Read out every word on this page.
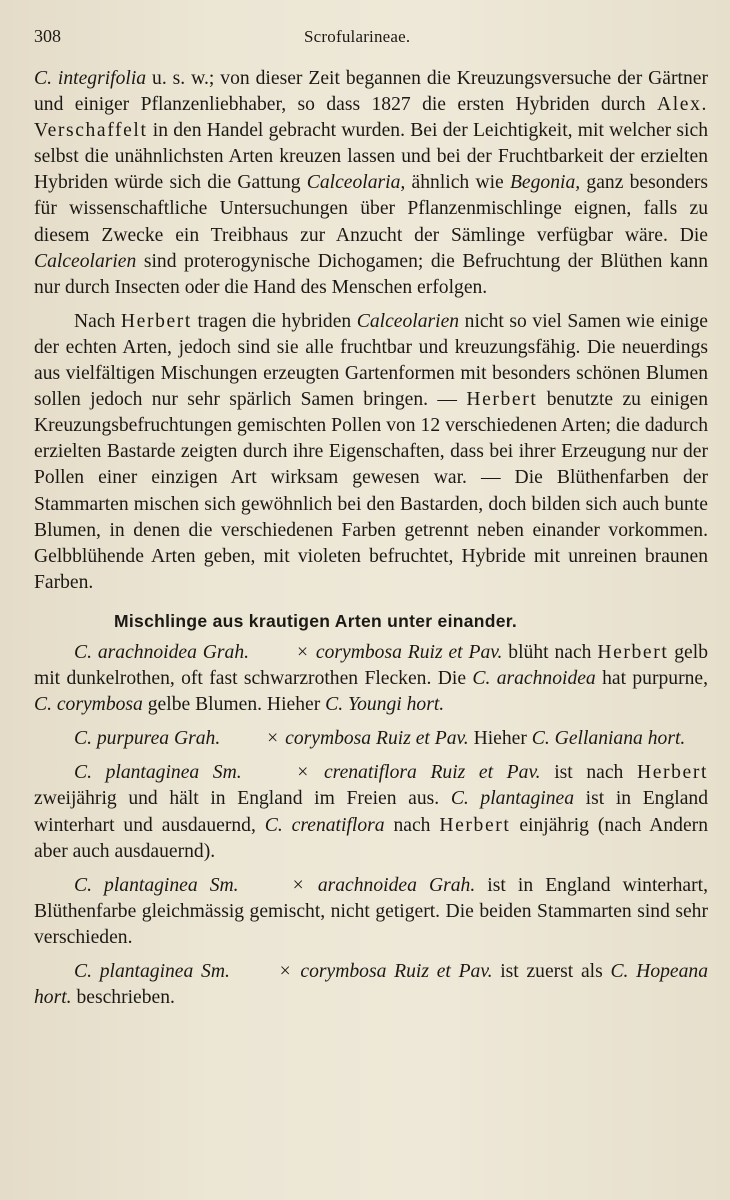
308	Scrofularineae.

C. integrifolia u. s. w.; von dieser Zeit begannen die Kreuzungsversuche der Gärtner und einiger Pflanzenliebhaber, so dass 1827 die ersten Hybriden durch Alex. Verschaffelt in den Handel gebracht wurden. Bei der Leichtigkeit, mit welcher sich selbst die unähnlichsten Arten kreuzen lassen und bei der Fruchtbarkeit der erzielten Hybriden würde sich die Gattung Calceolaria, ähnlich wie Begonia, ganz besonders für wissenschaftliche Untersuchungen über Pflanzenmischlinge eignen, falls zu diesem Zwecke ein Treibhaus zur Anzucht der Sämlinge verfügbar wäre. Die Calceolarien sind proterogynische Dichogamen; die Befruchtung der Blüthen kann nur durch Insecten oder die Hand des Menschen erfolgen.

Nach Herbert tragen die hybriden Calceolarien nicht so viel Samen wie einige der echten Arten, jedoch sind sie alle fruchtbar und kreuzungsfähig. Die neuerdings aus vielfältigen Mischungen erzeugten Gartenformen mit besonders schönen Blumen sollen jedoch nur sehr spärlich Samen bringen. — Herbert benutzte zu einigen Kreuzungsbefruchtungen gemischten Pollen von 12 verschiedenen Arten; die dadurch erzielten Bastarde zeigten durch ihre Eigenschaften, dass bei ihrer Erzeugung nur der Pollen einer einzigen Art wirksam gewesen war. — Die Blüthenfarben der Stammarten mischen sich gewöhnlich bei den Bastarden, doch bilden sich auch bunte Blumen, in denen die verschiedenen Farben getrennt neben einander vorkommen. Gelbblühende Arten geben, mit violeten befruchtet, Hybride mit unreinen braunen Farben.

Mischlinge aus krautigen Arten unter einander.

C. arachnoidea Grah. × corymbosa Ruiz et Pav. blüht nach Herbert gelb mit dunkelrothen, oft fast schwarzrothen Flecken. Die C. arachnoidea hat purpurne, C. corymbosa gelbe Blumen. Hieher C. Youngi hort.

C. purpurea Grah. × corymbosa Ruiz et Pav. Hieher C. Gellaniana hort.

C. plantaginea Sm.	× crenatiflora Ruiz et Pav. ist nach Herbert zweijährig und hält in England im Freien aus. C. plantaginea ist in England winterhart und ausdauernd, C. crenatiflora nach Herbert einjährig (nach Andern aber auch ausdauernd).

C. plantaginea Sm.	× arachnoidea Grah. ist in England winterhart, Blüthenfarbe gleichmässig gemischt, nicht getigert. Die beiden Stammarten sind sehr verschieden.

C. plantaginea Sm.	× corymbosa Ruiz et Pav. ist zuerst als C. Hopeana hort. beschrieben.
